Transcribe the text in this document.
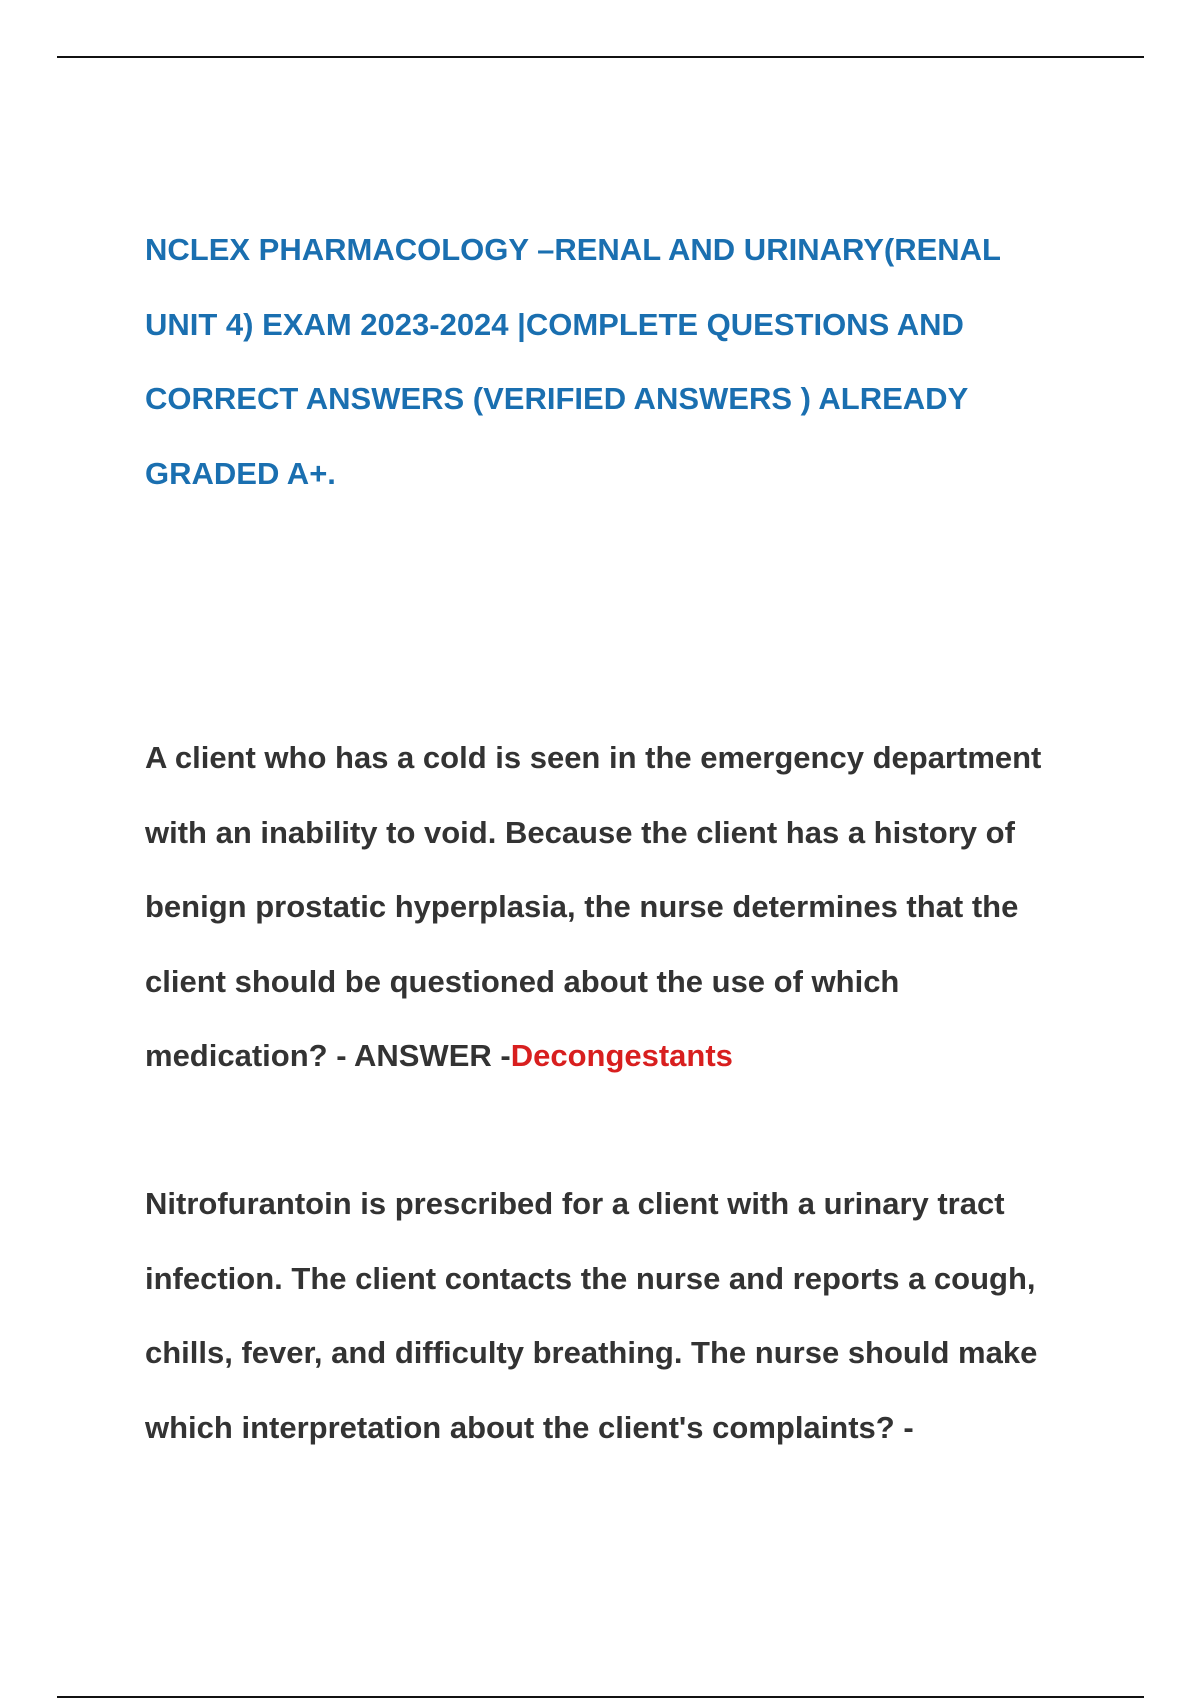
NCLEX PHARMACOLOGY –RENAL AND URINARY(RENAL
UNIT 4) EXAM 2023-2024 |COMPLETE QUESTIONS AND
CORRECT ANSWERS (VERIFIED ANSWERS ) ALREADY
GRADED A+.
A client who has a cold is seen in the emergency department
with an inability to void. Because the client has a history of
benign prostatic hyperplasia, the nurse determines that the
client should be questioned about the use of which
medication? - ANSWER -Decongestants
Nitrofurantoin is prescribed for a client with a urinary tract
infection. The client contacts the nurse and reports a cough,
chills, fever, and difficulty breathing. The nurse should make
which interpretation about the client's complaints? -
